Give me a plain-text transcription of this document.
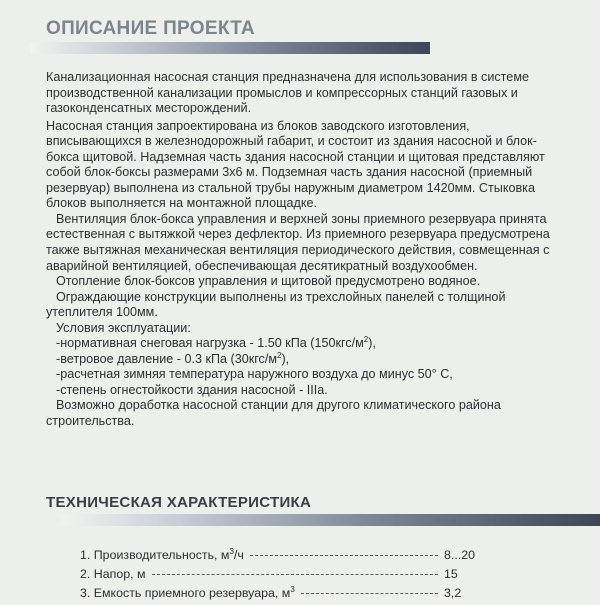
ОПИСАНИЕ ПРОЕКТА
Канализационная насосная станция предназначена для использования в системе
производственной канализации промыслов и компрессорных станций газовых и
газоконденсатных месторождений.
Насосная станция запроектирована из блоков заводского изготовления,
вписывающихся в железнодорожный габарит, и состоит из здания насосной и блок-
бокса щитовой. Надземная часть здания насосной станции и щитовая представляют
собой блок-боксы размерами 3х6 м. Подземная часть здания насосной (приемный
резервуар) выполнена из стальной трубы наружным диаметром 1420мм. Стыковка
блоков выполняется на монтажной площадке.
Вентиляция блок-бокса управления и верхней зоны приемного резервуара принята
естественная с вытяжкой через дефлектор. Из приемного резервуара предусмотрена
также вытяжная механическая вентиляция периодического действия, совмещенная с
аварийной вентиляцией, обеспечивающая десятикратный воздухообмен.
Отопление блок-боксов управления и щитовой предусмотрено водяное.
Ограждающие конструкции выполнены из трехслойных панелей с толщиной
утеплителя 100мм.
Условия эксплуатации:
-нормативная снеговая нагрузка - 1.50 кПа $(150кгс/м^2)$,
-ветровое давление - 0.3 кПа $(30кгс/м^2)$,
-расчетная зимняя температура наружного воздуха до минус 50° С,
-степень огнестойкости здания насосной - IIIа.
Возможно доработка насосной станции для другого климатического района
строительства.
ТЕХНИЧЕСКАЯ ХАРАКТЕРИСТИКА
1. Производительность, $м^3/ч$	8...20
2. Напор, м	15
3. Емкость приемного резервуара, $м^3$	3,2
